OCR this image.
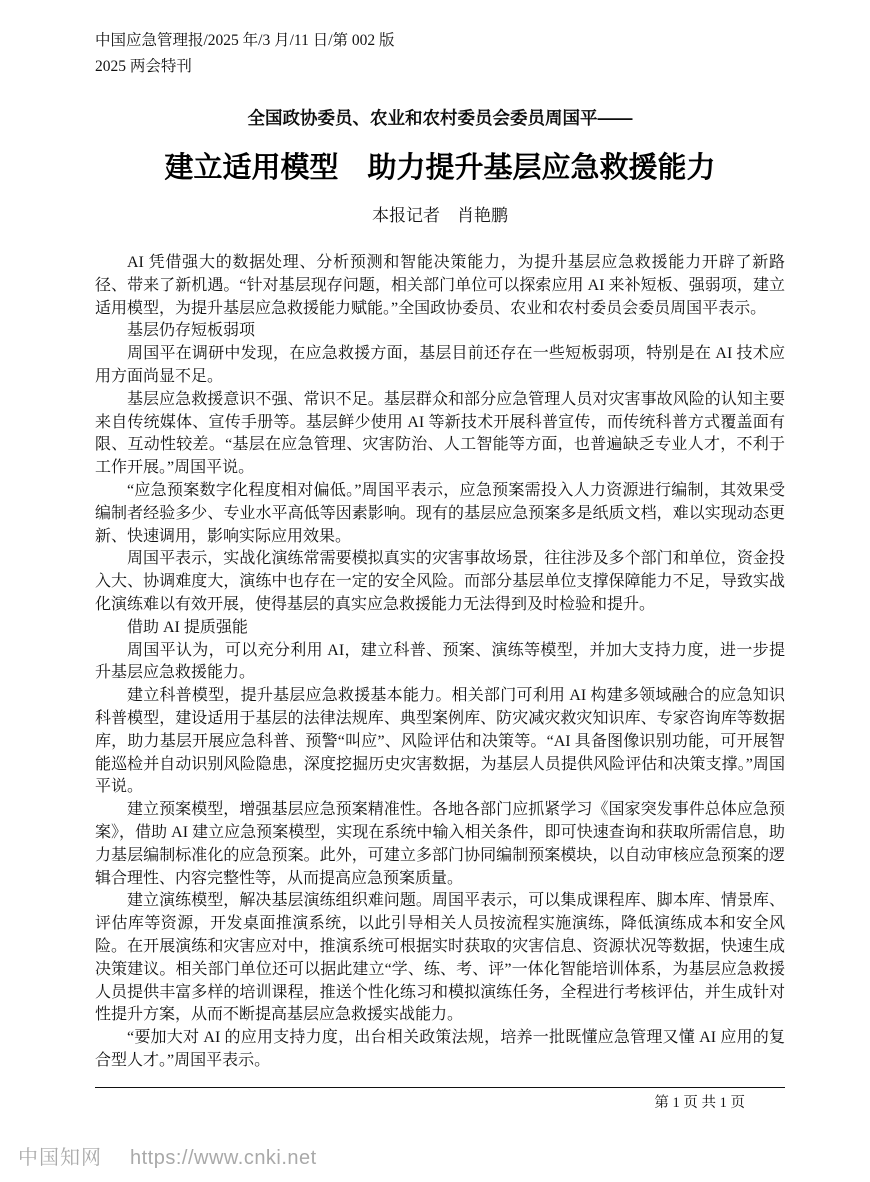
中国应急管理报/2025 年/3 月/11 日/第 002 版
2025 两会特刊
全国政协委员、农业和农村委员会委员周国平——
建立适用模型　助力提升基层应急救援能力
本报记者　肖艳鹏

AI 凭借强大的数据处理、分析预测和智能决策能力，为提升基层应急救援能力开辟了新路径、带来了新机遇。“针对基层现存问题，相关部门单位可以探索应用 AI 来补短板、强弱项，建立适用模型，为提升基层应急救援能力赋能。”全国政协委员、农业和农村委员会委员周国平表示。

基层仍存短板弱项

周国平在调研中发现，在应急救援方面，基层目前还存在一些短板弱项，特别是在 AI 技术应用方面尚显不足。

基层应急救援意识不强、常识不足。基层群众和部分应急管理人员对灾害事故风险的认知主要来自传统媒体、宣传手册等。基层鲜少使用 AI 等新技术开展科普宣传，而传统科普方式覆盖面有限、互动性较差。“基层在应急管理、灾害防治、人工智能等方面，也普遍缺乏专业人才，不利于工作开展。”周国平说。

“应急预案数字化程度相对偏低。”周国平表示，应急预案需投入人力资源进行编制，其效果受编制者经验多少、专业水平高低等因素影响。现有的基层应急预案多是纸质文档，难以实现动态更新、快速调用，影响实际应用效果。

周国平表示，实战化演练常需要模拟真实的灾害事故场景，往往涉及多个部门和单位，资金投入大、协调难度大，演练中也存在一定的安全风险。而部分基层单位支撑保障能力不足，导致实战化演练难以有效开展，使得基层的真实应急救援能力无法得到及时检验和提升。

借助 AI 提质强能

周国平认为，可以充分利用 AI，建立科普、预案、演练等模型，并加大支持力度，进一步提升基层应急救援能力。

建立科普模型，提升基层应急救援基本能力。相关部门可利用 AI 构建多领域融合的应急知识科普模型，建设适用于基层的法律法规库、典型案例库、防灾减灾救灾知识库、专家咨询库等数据库，助力基层开展应急科普、预警“叫应”、风险评估和决策等。“AI 具备图像识别功能，可开展智能巡检并自动识别风险隐患，深度挖掘历史灾害数据，为基层人员提供风险评估和决策支撑。”周国平说。

建立预案模型，增强基层应急预案精准性。各地各部门应抓紧学习《国家突发事件总体应急预案》，借助 AI 建立应急预案模型，实现在系统中输入相关条件，即可快速查询和获取所需信息，助力基层编制标准化的应急预案。此外，可建立多部门协同编制预案模块，以自动审核应急预案的逻辑合理性、内容完整性等，从而提高应急预案质量。

建立演练模型，解决基层演练组织难问题。周国平表示，可以集成课程库、脚本库、情景库、评估库等资源，开发桌面推演系统，以此引导相关人员按流程实施演练，降低演练成本和安全风险。在开展演练和灾害应对中，推演系统可根据实时获取的灾害信息、资源状况等数据，快速生成决策建议。相关部门单位还可以据此建立“学、练、考、评”一体化智能培训体系，为基层应急救援人员提供丰富多样的培训课程，推送个性化练习和模拟演练任务，全程进行考核评估，并生成针对性提升方案，从而不断提高基层应急救援实战能力。

“要加大对 AI 的应用支持力度，出台相关政策法规，培养一批既懂应急管理又懂 AI 应用的复合型人才。”周国平表示。

第 1 页 共 1 页
中国知网 https://www.cnki.net
